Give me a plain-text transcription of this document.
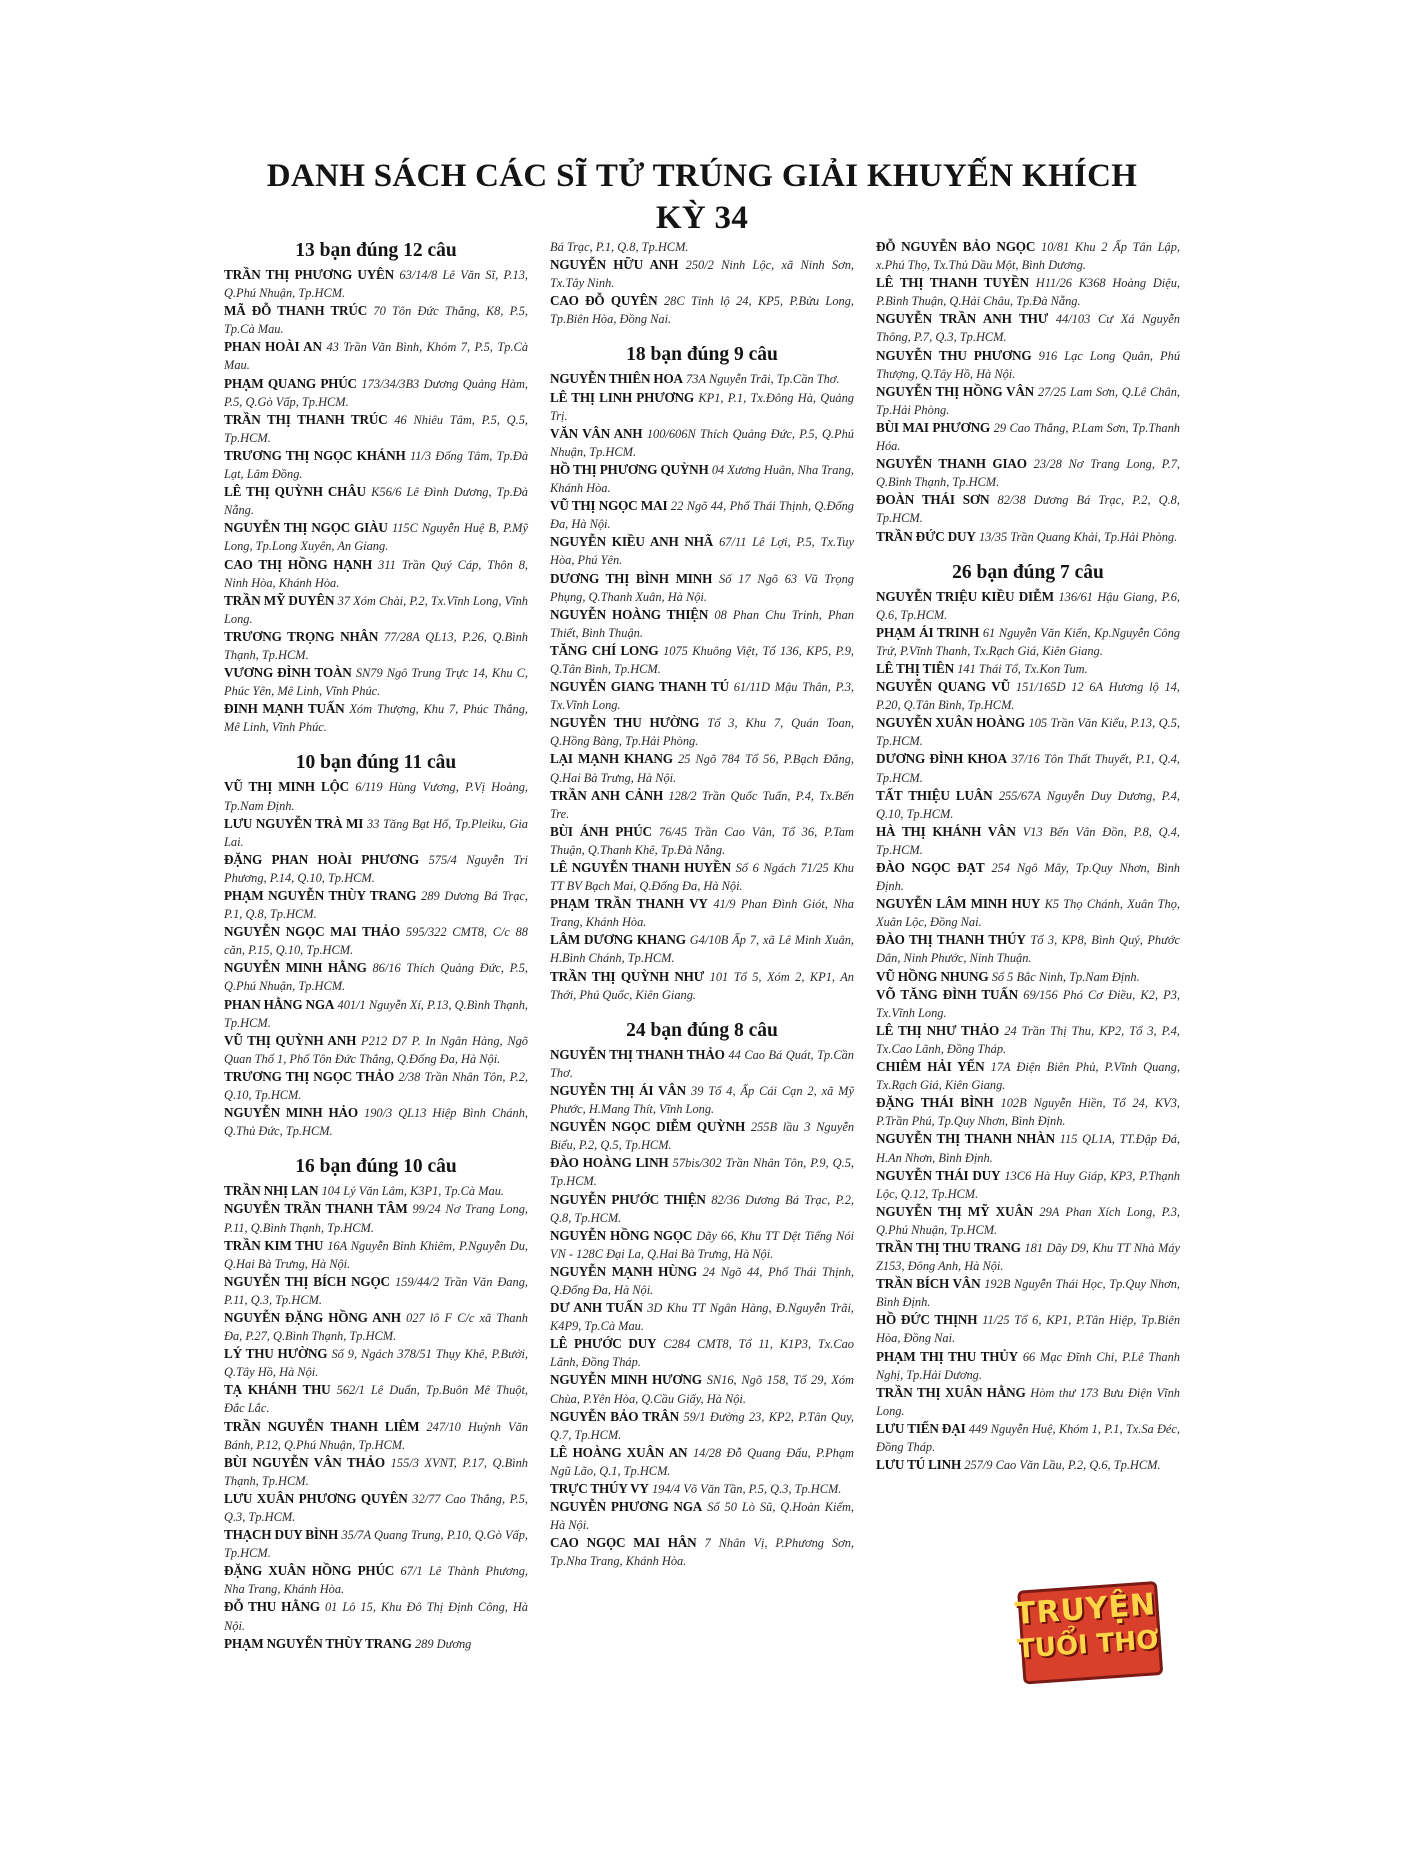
DANH SÁCH CÁC SĨ TỬ TRÚNG GIẢI KHUYẾN KHÍCH
KỲ 34
13 bạn đúng 12 câu

TRẦN THỊ PHƯƠNG UYÊN 63/14/8 Lê Văn Sĩ, P.13, Q.Phú Nhuận, Tp.HCM.

MÃ ĐỖ THANH TRÚC 70 Tôn Đức Thắng, K8, P.5, Tp.Cà Mau.

PHAN HOÀI AN 43 Trần Văn Bình, Khóm 7, P.5, Tp.Cà Mau.

PHẠM QUANG PHÚC 173/34/3B3 Dương Quảng Hàm, P.5, Q.Gò Vấp, Tp.HCM.

TRẦN THỊ THANH TRÚC 46 Nhiêu Tâm, P.5, Q.5, Tp.HCM.

TRƯƠNG THỊ NGỌC KHÁNH 11/3 Đống Tâm, Tp.Đà Lạt, Lâm Đồng.

LÊ THỊ QUỲNH CHÂU K56/6 Lê Đình Dương, Tp.Đà Nẵng.

NGUYỄN THỊ NGỌC GIÀU 115C Nguyễn Huệ B, P.Mỹ Long, Tp.Long Xuyên, An Giang.

CAO THỊ HỒNG HẠNH 311 Trần Quý Cáp, Thôn 8, Ninh Hòa, Khánh Hòa.

TRẦN MỸ DUYÊN 37 Xóm Chài, P.2, Tx.Vĩnh Long, Vĩnh Long.

TRƯƠNG TRỌNG NHÂN 77/28A QL13, P.26, Q.Bình Thạnh, Tp.HCM.

VƯƠNG ĐÌNH TOÀN SN79 Ngô Trung Trực 14, Khu C, Phúc Yên, Mê Linh, Vĩnh Phúc.

ĐINH MẠNH TUẤN Xóm Thượng, Khu 7, Phúc Thắng, Mê Linh, Vĩnh Phúc.

10 bạn đúng 11 câu

VŨ THỊ MINH LỘC 6/119 Hùng Vương, P.Vị Hoàng, Tp.Nam Định.

LƯU NGUYỄN TRÀ MI 33 Tăng Bạt Hổ, Tp.Pleiku, Gia Lai.

ĐẶNG PHAN HOÀI PHƯƠNG 575/4 Nguyễn Tri Phương, P.14, Q.10, Tp.HCM.

PHẠM NGUYỄN THÙY TRANG 289 Dương Bá Trạc, P.1, Q.8, Tp.HCM.

NGUYỄN NGỌC MAI THẢO 595/322 CMT8, C/c 88 căn, P.15, Q.10, Tp.HCM.

NGUYỄN MINH HẰNG 86/16 Thích Quảng Đức, P.5, Q.Phú Nhuận, Tp.HCM.

PHAN HẰNG NGA 401/1 Nguyễn Xí, P.13, Q.Bình Thạnh, Tp.HCM.

VŨ THỊ QUỲNH ANH P212 D7 P. In Ngân Hàng, Ngõ Quan Thổ 1, Phố Tôn Đức Thắng, Q.Đống Đa, Hà Nội.

TRƯƠNG THỊ NGỌC THẢO 2/38 Trần Nhân Tôn, P.2, Q.10, Tp.HCM.

NGUYỄN MINH HẢO 190/3 QL13 Hiệp Bình Chánh, Q.Thủ Đức, Tp.HCM.

16 bạn đúng 10 câu

TRẦN NHỊ LAN 104 Lý Văn Lâm, K3P1, Tp.Cà Mau.

NGUYỄN TRẦN THANH TÂM 99/24 Nơ Trang Long, P.11, Q.Bình Thạnh, Tp.HCM.

TRẦN KIM THU 16A Nguyễn Bỉnh Khiêm, P.Nguyễn Du, Q.Hai Bà Trưng, Hà Nội.

NGUYỄN THỊ BÍCH NGỌC 159/44/2 Trần Văn Đang, P.11, Q.3, Tp.HCM.

NGUYỄN ĐẶNG HỒNG ANH 027 lô F C/c xã Thanh Đa, P.27, Q.Bình Thạnh, Tp.HCM.

LÝ THU HƯỜNG Số 9, Ngách 378/51 Thụy Khê, P.Bưởi, Q.Tây Hồ, Hà Nội.

TẠ KHÁNH THU 562/1 Lê Duẩn, Tp.Buôn Mê Thuột, Đắc Lắc.

TRẦN NGUYỄN THANH LIÊM 247/10 Huỳnh Văn Bánh, P.12, Q.Phú Nhuận, Tp.HCM.

BÙI NGUYỄN VÂN THẢO 155/3 XVNT, P.17, Q.Bình Thạnh, Tp.HCM.

LƯU XUÂN PHƯƠNG QUYÊN 32/77 Cao Thắng, P.5, Q.3, Tp.HCM.

THẠCH DUY BÌNH 35/7A Quang Trung, P.10, Q.Gò Vấp, Tp.HCM.

ĐẶNG XUÂN HỒNG PHÚC 67/1 Lê Thành Phương, Nha Trang, Khánh Hòa.

ĐỖ THU HẰNG 01 Lô 15, Khu Đô Thị Định Công, Hà Nội.

PHẠM NGUYỄN THÙY TRANG 289 Dương

Bá Trạc, P.1, Q.8, Tp.HCM.

NGUYỄN HỮU ANH 250/2 Ninh Lộc, xã Ninh Sơn, Tx.Tây Ninh.

CAO ĐỖ QUYÊN 28C Tỉnh lộ 24, KP5, P.Bửu Long, Tp.Biên Hòa, Đồng Nai.

18 bạn đúng 9 câu

NGUYỄN THIÊN HOA 73A Nguyễn Trãi, Tp.Cần Thơ.

LÊ THỊ LINH PHƯƠNG KP1, P.1, Tx.Đông Hà, Quảng Trị.

VĂN VÂN ANH 100/606N Thích Quảng Đức, P.5, Q.Phú Nhuận, Tp.HCM.

HỒ THỊ PHƯƠNG QUỲNH 04 Xương Huân, Nha Trang, Khánh Hòa.

VŨ THỊ NGỌC MAI 22 Ngõ 44, Phố Thái Thịnh, Q.Đống Đa, Hà Nội.

NGUYỄN KIỀU ANH NHÃ 67/11 Lê Lợi, P.5, Tx.Tuy Hòa, Phú Yên.

DƯƠNG THỊ BÌNH MINH Số 17 Ngõ 63 Vũ Trọng Phụng, Q.Thanh Xuân, Hà Nội.

NGUYỄN HOÀNG THIỆN 08 Phan Chu Trinh, Phan Thiết, Bình Thuận.

TĂNG CHÍ LONG 1075 Khuông Việt, Tổ 136, KP5, P.9, Q.Tân Bình, Tp.HCM.

NGUYỄN GIANG THANH TÚ 61/11D Mậu Thân, P.3, Tx.Vĩnh Long.

NGUYỄN THU HƯỜNG Tổ 3, Khu 7, Quán Toan, Q.Hồng Bàng, Tp.Hải Phòng.

LẠI MẠNH KHANG 25 Ngõ 784 Tổ 56, P.Bạch Đằng, Q.Hai Bà Trưng, Hà Nội.

TRẦN ANH CẢNH 128/2 Trần Quốc Tuấn, P.4, Tx.Bến Tre.

BÙI ÁNH PHÚC 76/45 Trần Cao Vân, Tổ 36, P.Tam Thuận, Q.Thanh Khê, Tp.Đà Nẵng.

LÊ NGUYỄN THANH HUYỀN Số 6 Ngách 71/25 Khu TT BV Bạch Mai, Q.Đống Đa, Hà Nội.

PHẠM TRẦN THANH VY 41/9 Phan Đình Giót, Nha Trang, Khánh Hòa.

LÂM DƯƠNG KHANG G4/10B Ấp 7, xã Lê Minh Xuân, H.Bình Chánh, Tp.HCM.

TRẦN THỊ QUỲNH NHƯ 101 Tổ 5, Xóm 2, KP1, An Thới, Phú Quốc, Kiên Giang.

24 bạn đúng 8 câu

NGUYỄN THỊ THANH THẢO 44 Cao Bá Quát, Tp.Cần Thơ.

NGUYỄN THỊ ÁI VÂN 39 Tổ 4, Ấp Cái Cạn 2, xã Mỹ Phước, H.Mang Thít, Vĩnh Long.

NGUYỄN NGỌC DIỄM QUỲNH 255B lầu 3 Nguyễn Biểu, P.2, Q.5, Tp.HCM.

ĐÀO HOÀNG LINH 57bis/302 Trần Nhân Tôn, P.9, Q.5, Tp.HCM.

NGUYỄN PHƯỚC THIỆN 82/36 Dương Bá Trạc, P.2, Q.8, Tp.HCM.

NGUYỄN HỒNG NGỌC Dãy 66, Khu TT Dệt Tiếng Nói VN - 128C Đại La, Q.Hai Bà Trưng, Hà Nội.

NGUYỄN MẠNH HÙNG 24 Ngõ 44, Phố Thái Thịnh, Q.Đống Đa, Hà Nội.

DƯ ANH TUẤN 3D Khu TT Ngân Hàng, Đ.Nguyễn Trãi, K4P9, Tp.Cà Mau.

LÊ PHƯỚC DUY C284 CMT8, Tổ 11, K1P3, Tx.Cao Lãnh, Đồng Tháp.

NGUYỄN MINH HƯƠNG SN16, Ngõ 158, Tổ 29, Xóm Chùa, P.Yên Hòa, Q.Cầu Giấy, Hà Nội.

NGUYỄN BẢO TRÂN 59/1 Đường 23, KP2, P.Tân Quy, Q.7, Tp.HCM.

LÊ HOÀNG XUÂN AN 14/28 Đỗ Quang Đẩu, P.Phạm Ngũ Lão, Q.1, Tp.HCM.

TRỰC THÚY VY 194/4 Võ Văn Tần, P.5, Q.3, Tp.HCM.

NGUYỄN PHƯƠNG NGA Số 50 Lò Sũ, Q.Hoàn Kiếm, Hà Nội.

CAO NGỌC MAI HÂN 7 Nhân Vị, P.Phương Sơn, Tp.Nha Trang, Khánh Hòa.

ĐỖ NGUYỄN BẢO NGỌC 10/81 Khu 2 Ấp Tân Lập, x.Phú Thọ, Tx.Thủ Dầu Một, Bình Dương.

LÊ THỊ THANH TUYỀN H11/26 K368 Hoàng Diệu, P.Bình Thuận, Q.Hải Châu, Tp.Đà Nẵng.

NGUYỄN TRẦN ANH THƯ 44/103 Cư Xá Nguyễn Thông, P.7, Q.3, Tp.HCM.

NGUYỄN THU PHƯƠNG 916 Lạc Long Quân, Phú Thượng, Q.Tây Hồ, Hà Nội.

NGUYỄN THỊ HỒNG VÂN 27/25 Lam Sơn, Q.Lê Chân, Tp.Hải Phòng.

BÙI MAI PHƯƠNG 29 Cao Thắng, P.Lam Sơn, Tp.Thanh Hóa.

NGUYỄN THANH GIAO 23/28 Nơ Trang Long, P.7, Q.Bình Thạnh, Tp.HCM.

ĐOÀN THÁI SƠN 82/38 Dương Bá Trạc, P.2, Q.8, Tp.HCM.

TRẦN ĐỨC DUY 13/35 Trần Quang Khải, Tp.Hải Phòng.

26 bạn đúng 7 câu

NGUYỄN TRIỆU KIỀU DIỄM 136/61 Hậu Giang, P.6, Q.6, Tp.HCM.

PHẠM ÁI TRINH 61 Nguyễn Văn Kiến, Kp.Nguyễn Công Trứ, P.Vĩnh Thanh, Tx.Rạch Giá, Kiên Giang.

LÊ THỊ TIÊN 141 Thái Tổ, Tx.Kon Tum.

NGUYỄN QUANG VŨ 151/165D 12 6A Hương lộ 14, P.20, Q.Tân Bình, Tp.HCM.

NGUYỄN XUÂN HOÀNG 105 Trần Văn Kiểu, P.13, Q.5, Tp.HCM.

DƯƠNG ĐÌNH KHOA 37/16 Tôn Thất Thuyết, P.1, Q.4, Tp.HCM.

TẤT THIỆU LUÂN 255/67A Nguyễn Duy Dương, P.4, Q.10, Tp.HCM.

HÀ THỊ KHÁNH VÂN V13 Bến Vân Đồn, P.8, Q.4, Tp.HCM.

ĐÀO NGỌC ĐẠT 254 Ngô Mây, Tp.Quy Nhơn, Bình Định.

NGUYỄN LÂM MINH HUY K5 Thọ Chánh, Xuân Thọ, Xuân Lộc, Đồng Nai.

ĐÀO THỊ THANH THÚY Tổ 3, KP8, Bình Quý, Phước Dân, Ninh Phước, Ninh Thuận.

VŨ HỒNG NHUNG Số 5 Bắc Ninh, Tp.Nam Định.

VÕ TĂNG ĐÌNH TUẤN 69/156 Phó Cơ Điều, K2, P3, Tx.Vĩnh Long.

LÊ THỊ NHƯ THẢO 24 Trần Thị Thu, KP2, Tổ 3, P.4, Tx.Cao Lãnh, Đồng Tháp.

CHIÊM HẢI YẾN 17A Điện Biên Phủ, P.Vĩnh Quang, Tx.Rạch Giá, Kiên Giang.

ĐẶNG THÁI BÌNH 102B Nguyễn Hiền, Tổ 24, KV3, P.Trần Phú, Tp.Quy Nhơn, Bình Định.

NGUYỄN THỊ THANH NHÀN 115 QL1A, TT.Đập Đá, H.An Nhơn, Bình Định.

NGUYỄN THÁI DUY 13C6 Hà Huy Giáp, KP3, P.Thạnh Lộc, Q.12, Tp.HCM.

NGUYỄN THỊ MỸ XUÂN 29A Phan Xích Long, P.3, Q.Phú Nhuận, Tp.HCM.

TRẦN THỊ THU TRANG 181 Dãy D9, Khu TT Nhà Máy Z153, Đông Anh, Hà Nội.

TRẦN BÍCH VÂN 192B Nguyễn Thái Học, Tp.Quy Nhơn, Bình Định.

HỒ ĐỨC THỊNH 11/25 Tổ 6, KP1, P.Tân Hiệp, Tp.Biên Hòa, Đồng Nai.

PHẠM THỊ THU THỦY 66 Mạc Đĩnh Chi, P.Lê Thanh Nghị, Tp.Hải Dương.

TRẦN THỊ XUÂN HẰNG Hòm thư 173 Bưu Điện Vĩnh Long.

LƯU TIẾN ĐẠI 449 Nguyễn Huệ, Khóm 1, P.1, Tx.Sa Đéc, Đồng Tháp.

LƯU TÚ LINH 257/9 Cao Văn Lầu, P.2, Q.6, Tp.HCM.

TRUYỆN
TUỔI THƠ
